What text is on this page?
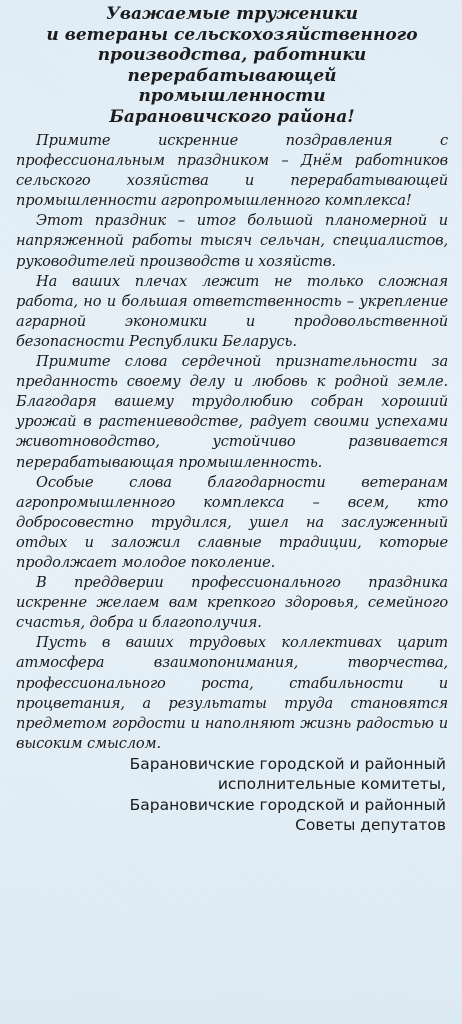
Уважаемые труженики
и ветераны сельскохозяйственного
производства, работники
перерабатывающей
промышленности
Барановичского района!

Примите искренние поздравления с профессиональным праздником – Днём работников сельского хозяйства и перерабатывающей промышленности агропромышленного комплекса!

Этот праздник – итог большой планомерной и напряженной работы тысяч сельчан, специалистов, руководителей производств и хозяйств.

На ваших плечах лежит не только сложная работа, но и большая ответственность – укрепление аграрной экономики и продовольственной безопасности Республики Беларусь.

Примите слова сердечной признательности за преданность своему делу и любовь к родной земле. Благодаря вашему трудолюбию собран хороший урожай в растениеводстве, радует своими успехами животноводство, устойчиво развивается перерабатывающая промышленность.

Особые слова благодарности ветеранам агропромышленного комплекса – всем, кто добросовестно трудился, ушел на заслуженный отдых и заложил славные традиции, которые продолжает молодое поколение.

В преддверии профессионального праздника искренне желаем вам крепкого здоровья, семейного счастья, добра и благополучия.

Пусть в ваших трудовых коллективах царит атмосфера взаимопонимания, творчества, профессионального роста, стабильности и процветания, а результаты труда становятся предметом гордости и наполняют жизнь радостью и высоким смыслом.

Барановичские городской и районный
исполнительные комитеты,
Барановичские городской и районный
Советы депутатов
